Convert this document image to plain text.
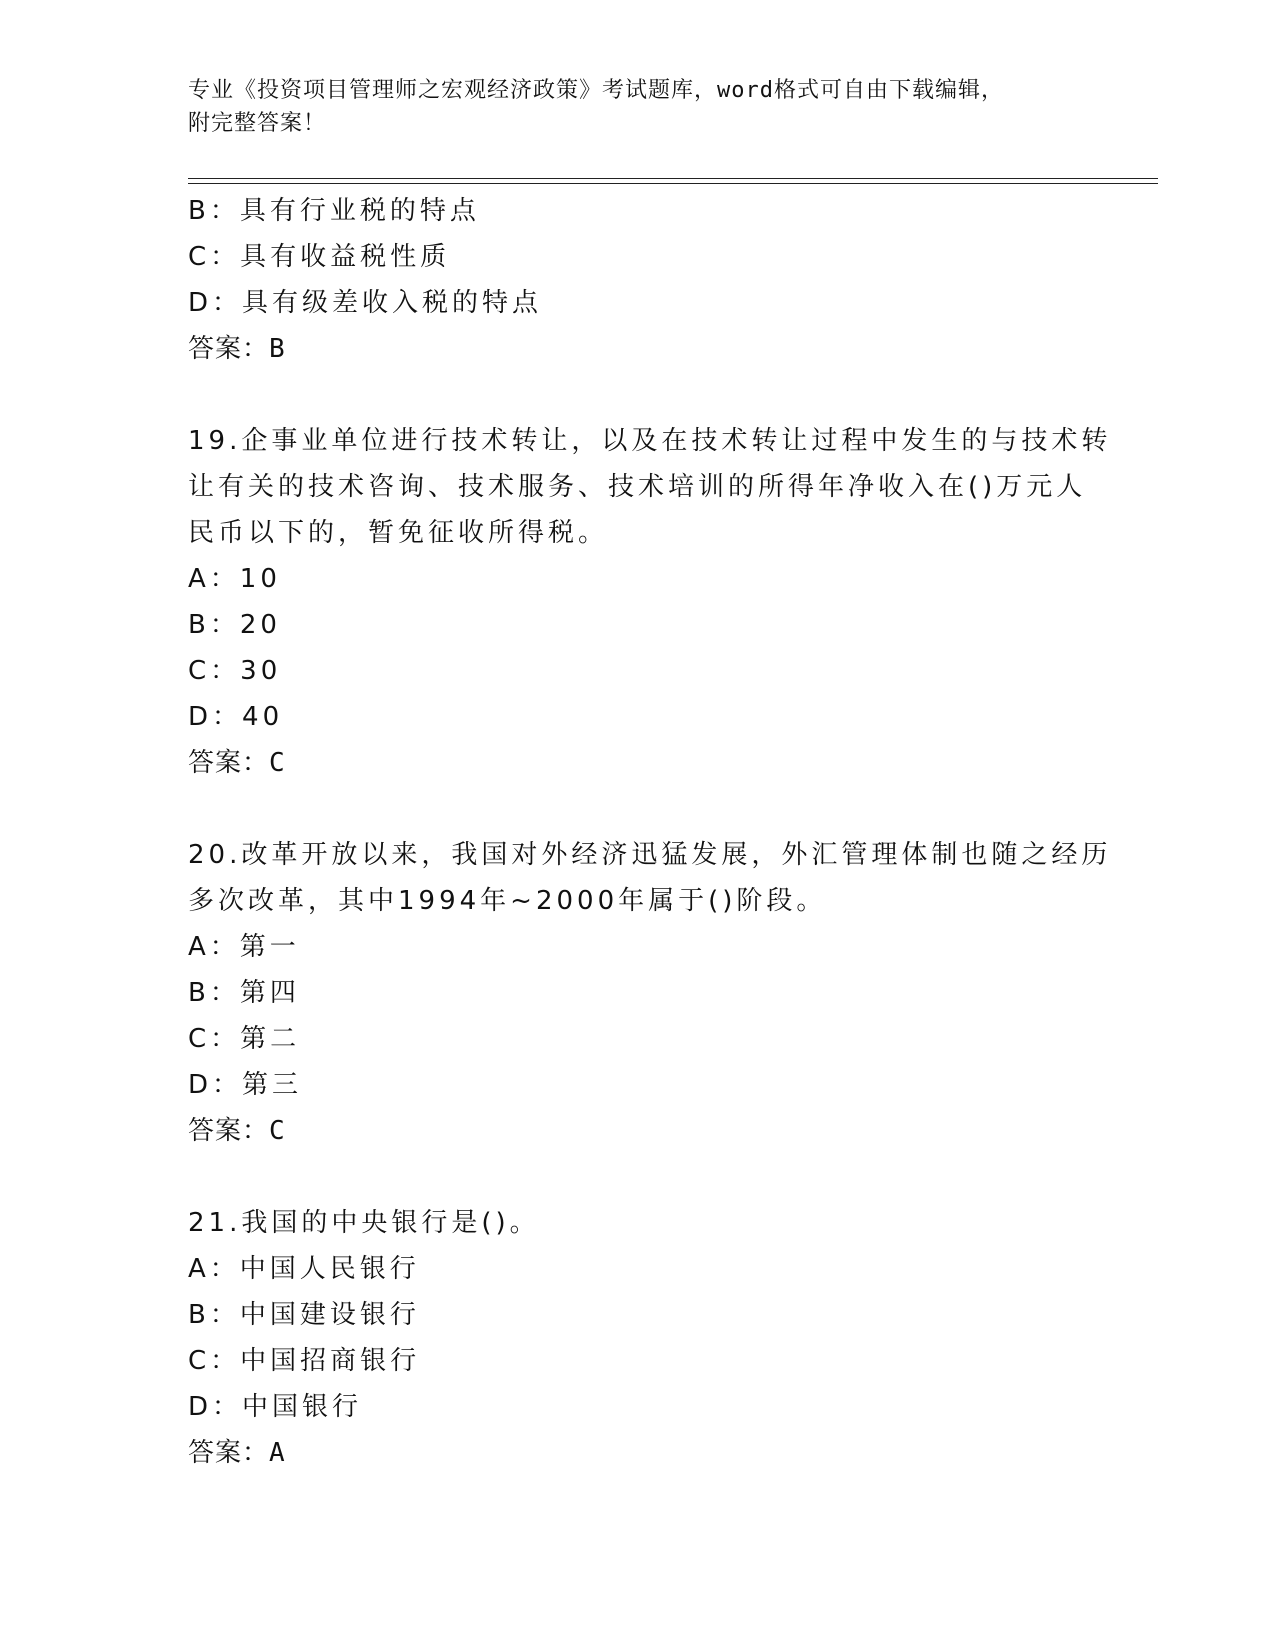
专业《投资项目管理师之宏观经济政策》考试题库，word格式可自由下载编辑，
附完整答案！
B：具有行业税的特点
C：具有收益税性质
D：具有级差收入税的特点
答案：B
19.企事业单位进行技术转让，以及在技术转让过程中发生的与技术转
让有关的技术咨询、技术服务、技术培训的所得年净收入在()万元人
民币以下的，暂免征收所得税。
A：10
B：20
C：30
D：40
答案：C
20.改革开放以来，我国对外经济迅猛发展，外汇管理体制也随之经历
多次改革，其中1994年~2000年属于()阶段。
A：第一
B：第四
C：第二
D：第三
答案：C
21.我国的中央银行是()。
A：中国人民银行
B：中国建设银行
C：中国招商银行
D：中国银行
答案：A
